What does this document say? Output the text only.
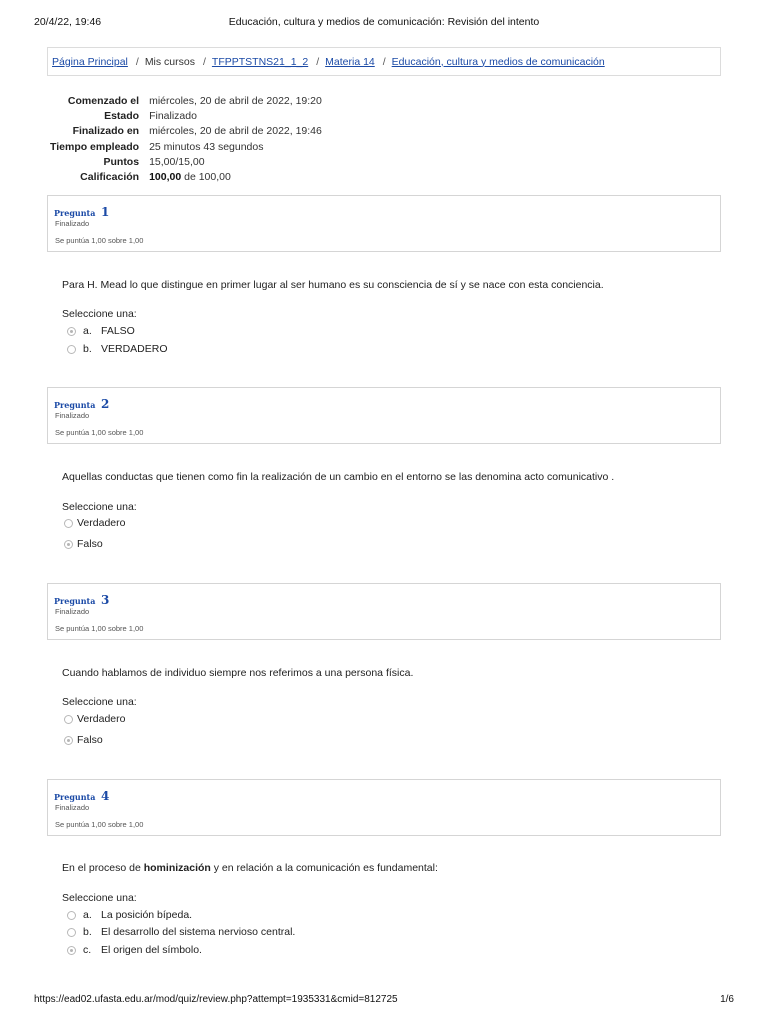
20/4/22, 19:46	Educación, cultura y medios de comunicación: Revisión del intento
Página Principal / Mis cursos / TFPPTSTNS21_1_2 / Materia 14 / Educación, cultura y medios de comunicación
Comenzado el	miércoles, 20 de abril de 2022, 19:20
Estado	Finalizado
Finalizado en	miércoles, 20 de abril de 2022, 19:46
Tiempo empleado	25 minutos 43 segundos
Puntos	15,00/15,00
Calificación	100,00 de 100,00
Pregunta 1
Finalizado
Se puntúa 1,00 sobre 1,00
Para H. Mead lo que distingue en primer lugar al ser humano es su consciencia de sí y se nace con esta conciencia.
Seleccione una:
a. FALSO
b. VERDADERO
Pregunta 2
Finalizado
Se puntúa 1,00 sobre 1,00
Aquellas conductas que tienen como fin la realización de un cambio en el entorno se las denomina acto comunicativo .
Seleccione una:
Verdadero
Falso
Pregunta 3
Finalizado
Se puntúa 1,00 sobre 1,00
Cuando hablamos de individuo siempre nos referimos a una persona física.
Seleccione una:
Verdadero
Falso
Pregunta 4
Finalizado
Se puntúa 1,00 sobre 1,00
En el proceso de hominización y en relación a la comunicación es fundamental:
Seleccione una:
a. La posición bípeda.
b. El desarrollo del sistema nervioso central.
c. El origen del símbolo.
https://ead02.ufasta.edu.ar/mod/quiz/review.php?attempt=1935331&cmid=812725	1/6
